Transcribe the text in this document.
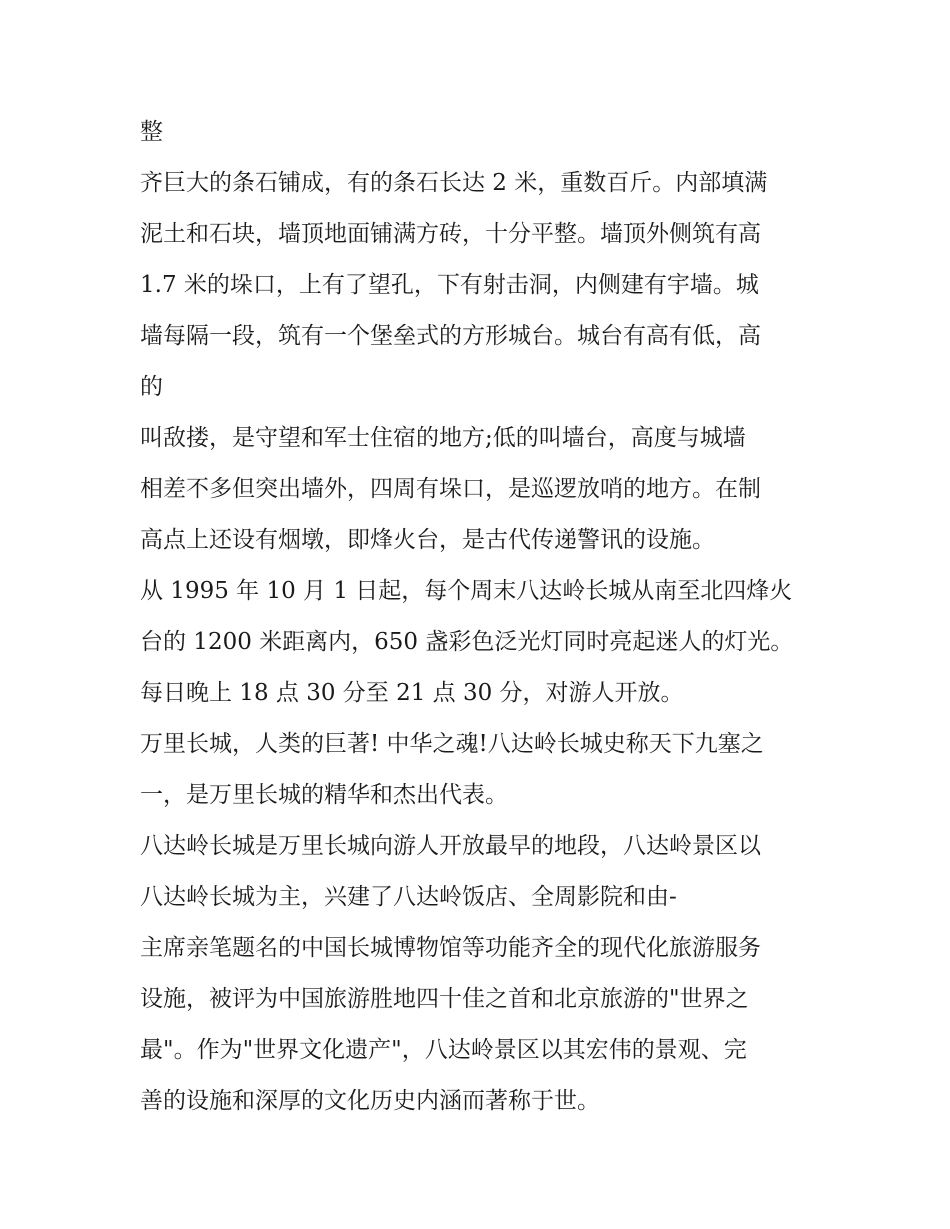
整

齐巨大的条石铺成，有的条石长达 2 米，重数百斤。内部填满

泥土和石块，墙顶地面铺满方砖，十分平整。墙顶外侧筑有高

1.7 米的垛口，上有了望孔，下有射击洞，内侧建有宇墙。城

墙每隔一段，筑有一个堡垒式的方形城台。城台有高有低，高

的

叫敌搂，是守望和军士住宿的地方;低的叫墙台，高度与城墙

相差不多但突出墙外，四周有垛口，是巡逻放哨的地方。在制

高点上还设有烟墩，即烽火台，是古代传递警讯的设施。

从 1995 年 10 月 1 日起，每个周末八达岭长城从南至北四烽火

台的 1200 米距离内，650 盏彩色泛光灯同时亮起迷人的灯光。

每日晚上 18 点 30 分至 21 点 30 分，对游人开放。

万里长城，人类的巨著! 中华之魂!八达岭长城史称天下九塞之

一，是万里长城的精华和杰出代表。

八达岭长城是万里长城向游人开放最早的地段，八达岭景区以

八达岭长城为主，兴建了八达岭饭店、全周影院和由-

主席亲笔题名的中国长城博物馆等功能齐全的现代化旅游服务

设施，被评为中国旅游胜地四十佳之首和北京旅游的"世界之

最"。作为"世界文化遗产"，八达岭景区以其宏伟的景观、完

善的设施和深厚的文化历史内涵而著称于世。
